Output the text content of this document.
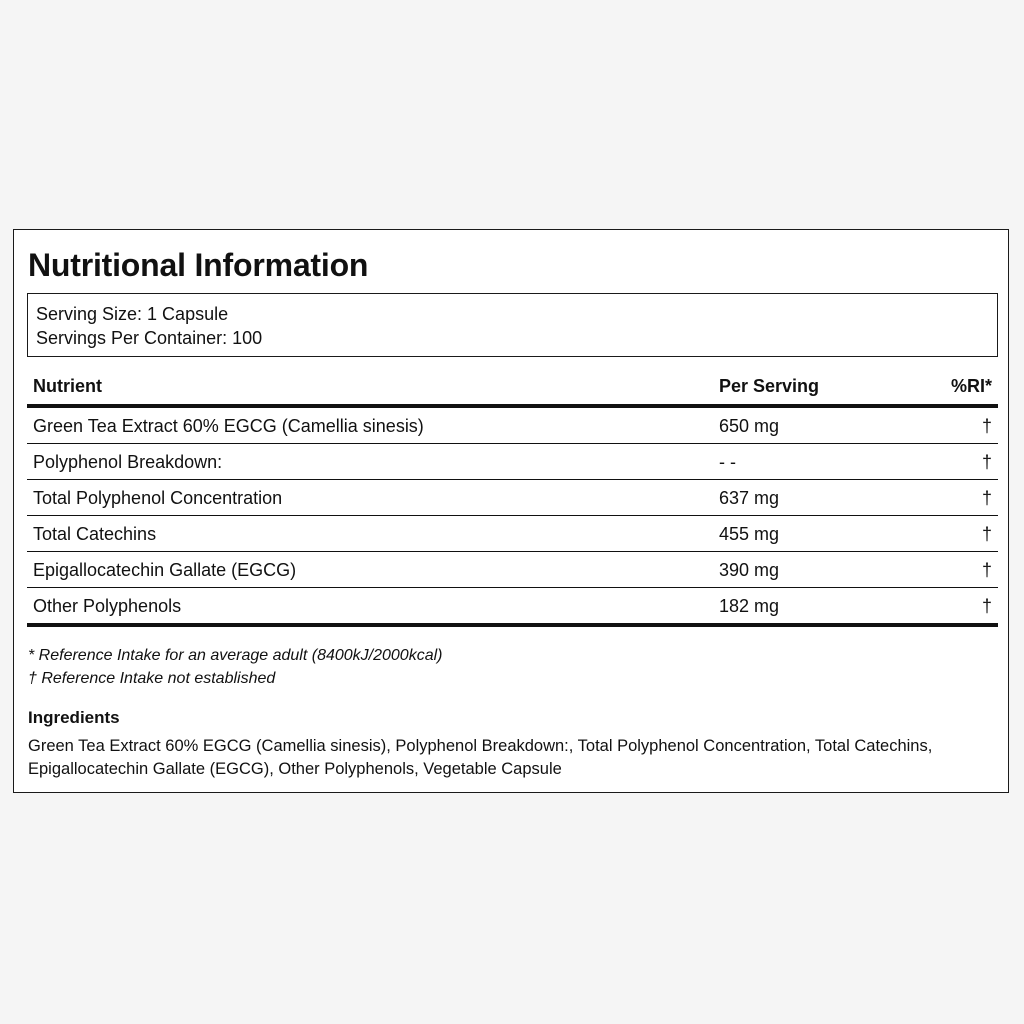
Nutritional Information
Serving Size: 1 Capsule
Servings Per Container: 100
Nutrient	Per Serving	%RI*
Green Tea Extract 60% EGCG (Camellia sinesis)	650 mg	†
Polyphenol Breakdown:	- -	†
Total Polyphenol Concentration	637 mg	†
Total Catechins	455 mg	†
Epigallocatechin Gallate (EGCG)	390 mg	†
Other Polyphenols	182 mg	†
* Reference Intake for an average adult (8400kJ/2000kcal)
† Reference Intake not established
Ingredients
Green Tea Extract 60% EGCG (Camellia sinesis), Polyphenol Breakdown:, Total Polyphenol Concentration, Total Catechins, Epigallocatechin Gallate (EGCG), Other Polyphenols, Vegetable Capsule
